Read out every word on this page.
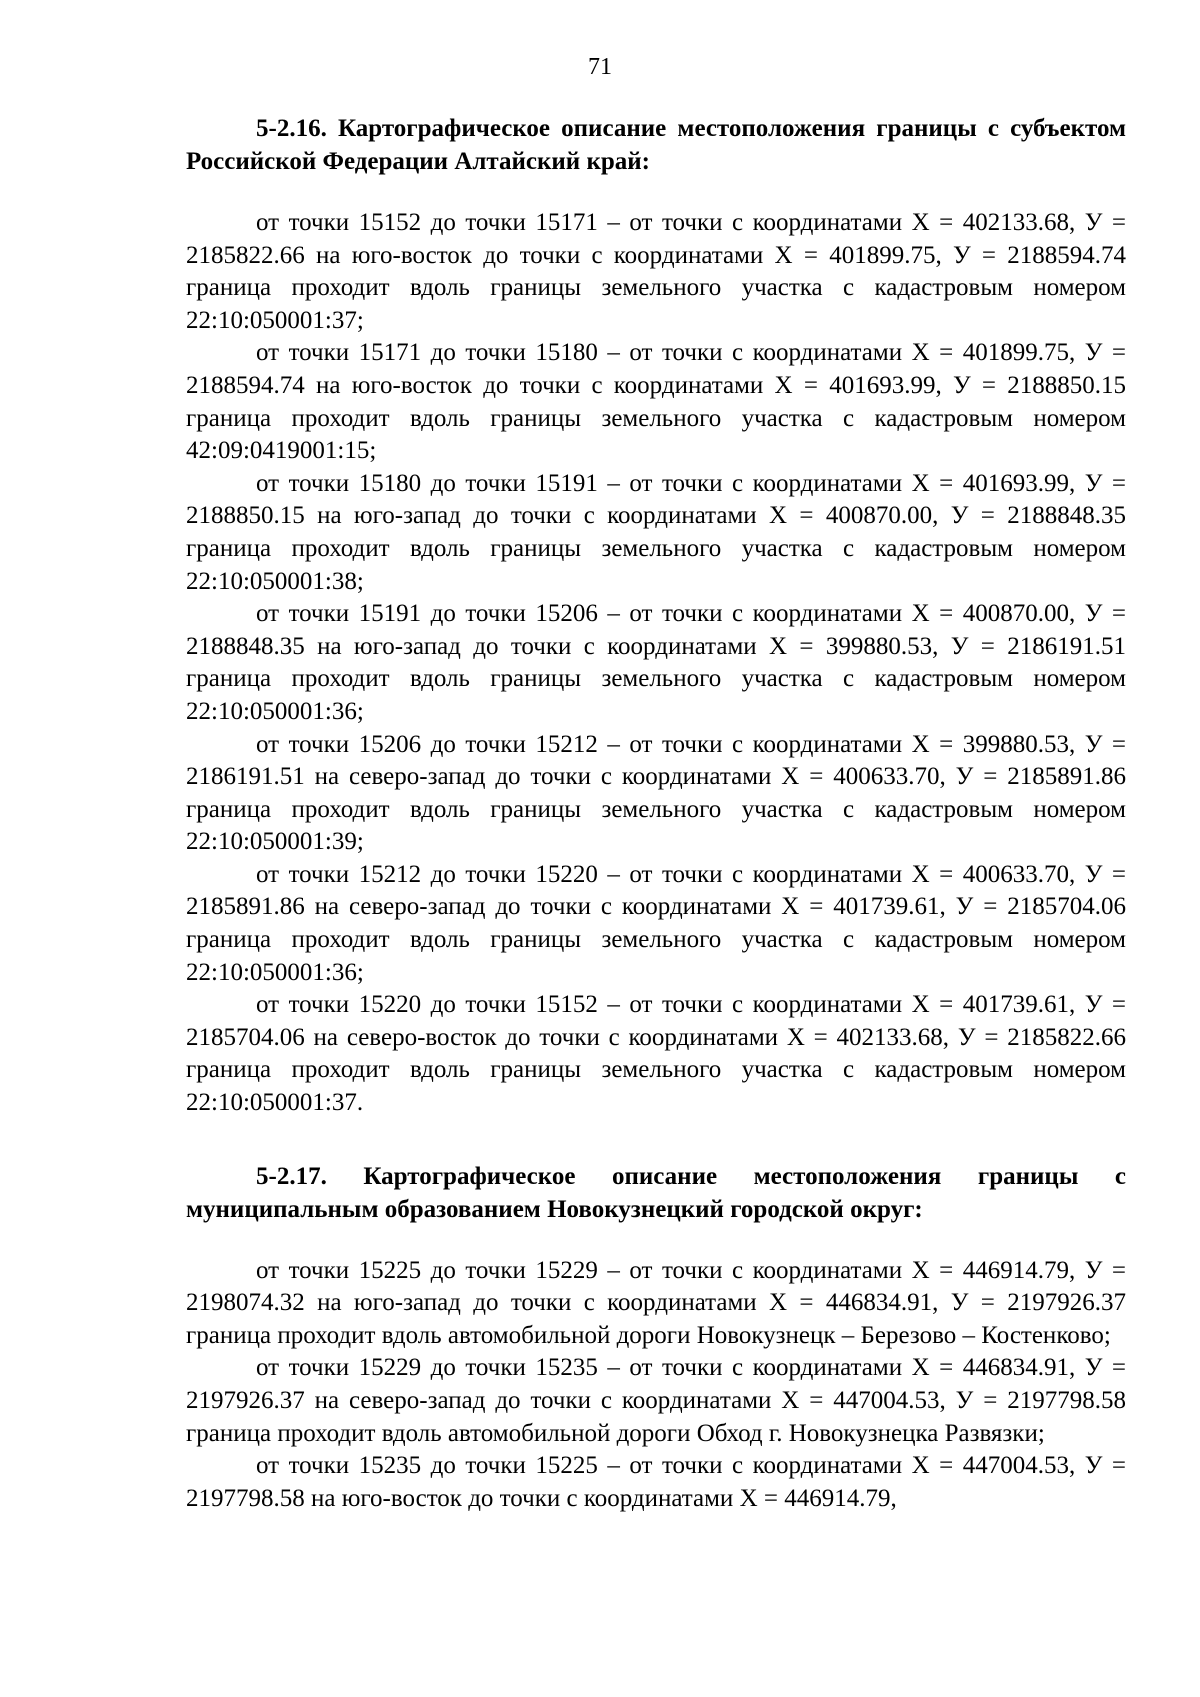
71

5-2.16. Картографическое описание местоположения границы с субъектом Российской Федерации Алтайский край:

от точки 15152 до точки 15171 – от точки с координатами X = 402133.68, У = 2185822.66 на юго-восток до точки с координатами X = 401899.75, У = 2188594.74 граница проходит вдоль границы земельного участка с кадастровым номером 22:10:050001:37;

от точки 15171 до точки 15180 – от точки с координатами X = 401899.75, У = 2188594.74 на юго-восток до точки с координатами X = 401693.99, У = 2188850.15 граница проходит вдоль границы земельного участка с кадастровым номером 42:09:0419001:15;

от точки 15180 до точки 15191 – от точки с координатами X = 401693.99, У = 2188850.15 на юго-запад до точки с координатами X = 400870.00, У = 2188848.35 граница проходит вдоль границы земельного участка с кадастровым номером 22:10:050001:38;

от точки 15191 до точки 15206 – от точки с координатами X = 400870.00, У = 2188848.35 на юго-запад до точки с координатами X = 399880.53, У = 2186191.51 граница проходит вдоль границы земельного участка с кадастровым номером 22:10:050001:36;

от точки 15206 до точки 15212 – от точки с координатами X = 399880.53, У = 2186191.51 на северо-запад до точки с координатами X = 400633.70, У = 2185891.86 граница проходит вдоль границы земельного участка с кадастровым номером 22:10:050001:39;

от точки 15212 до точки 15220 – от точки с координатами X = 400633.70, У = 2185891.86 на северо-запад до точки с координатами X = 401739.61, У = 2185704.06 граница проходит вдоль границы земельного участка с кадастровым номером 22:10:050001:36;

от точки 15220 до точки 15152 – от точки с координатами X = 401739.61, У = 2185704.06 на северо-восток до точки с координатами X = 402133.68, У = 2185822.66 граница проходит вдоль границы земельного участка с кадастровым номером 22:10:050001:37.

5-2.17. Картографическое описание местоположения границы с муниципальным образованием Новокузнецкий городской округ:

от точки 15225 до точки 15229 – от точки с координатами X = 446914.79, У = 2198074.32 на юго-запад до точки с координатами X = 446834.91, У = 2197926.37 граница проходит вдоль автомобильной дороги Новокузнецк – Березово – Костенково;

от точки 15229 до точки 15235 – от точки с координатами X = 446834.91, У = 2197926.37 на северо-запад до точки с координатами X = 447004.53, У = 2197798.58 граница проходит вдоль автомобильной дороги Обход г. Новокузнецка Развязки;

от точки 15235 до точки 15225 – от точки с координатами X = 447004.53, У = 2197798.58 на юго-восток до точки с координатами X = 446914.79,
